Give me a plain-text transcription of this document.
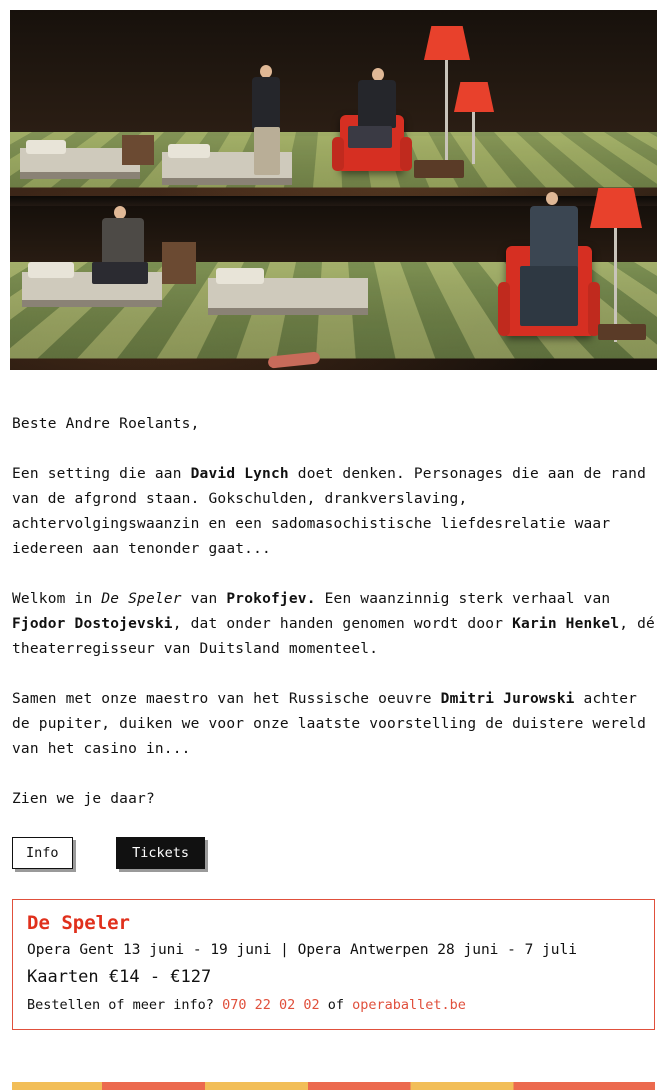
Beste Andre Roelants,

Een setting die aan David Lynch doet denken. Personages die aan de rand van de afgrond staan. Gokschulden, drankverslaving, achtervolgingswaanzin en een sadomasochistische liefdesrelatie waar iedereen aan tenonder gaat...

Welkom in De Speler van Prokofjev. Een waanzinnig sterk verhaal van Fjodor Dostojevski, dat onder handen genomen wordt door Karin Henkel, dé theaterregisseur van Duitsland momenteel.

Samen met onze maestro van het Russische oeuvre Dmitri Jurowski achter de pupiter, duiken we voor onze laatste voorstelling de duistere wereld van het casino in...

Zien we je daar?

Info	Tickets
De Speler
Opera Gent 13 juni - 19 juni | Opera Antwerpen 28 juni - 7 juli
Kaarten €14 - €127
Bestellen of meer info? 070 22 02 02 of operaballet.be
